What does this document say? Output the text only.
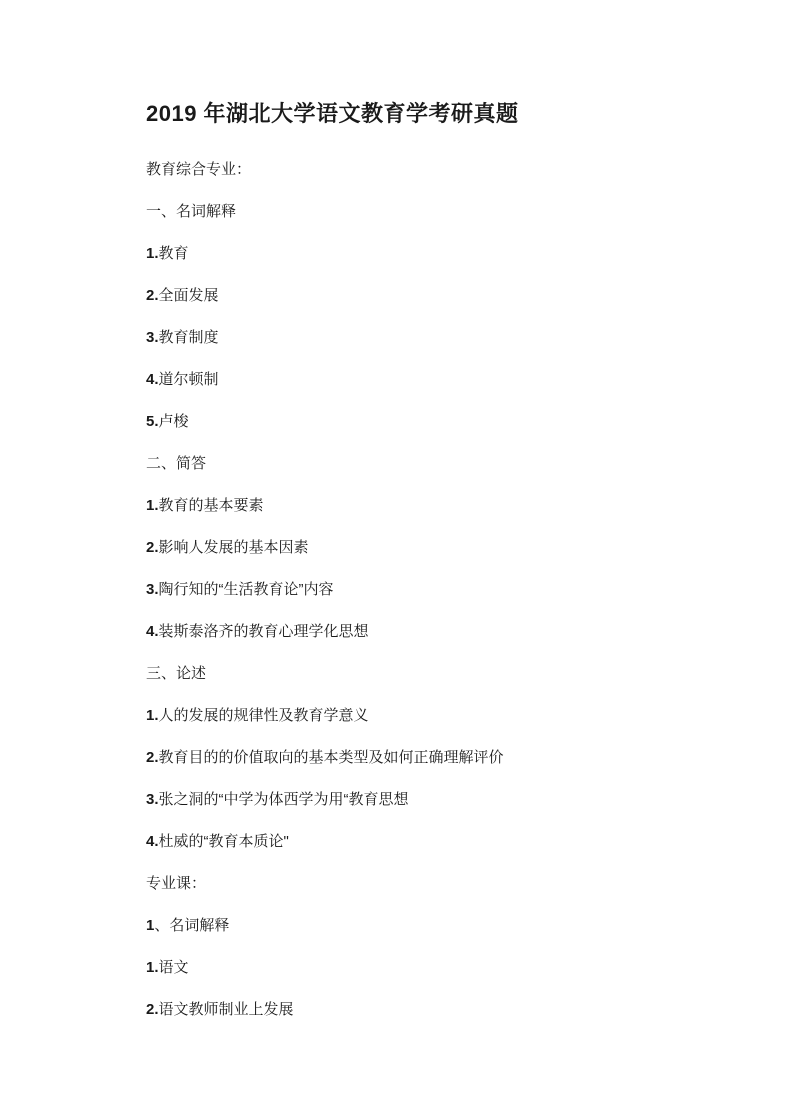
2019 年湖北大学语文教育学考研真题

教育综合专业：

一、名词解释

1.教育

2.全面发展

3.教育制度

4.道尔顿制

5.卢梭

二、简答

1.教育的基本要素

2.影响人发展的基本因素

3.陶行知的“生活教育论”内容

4.装斯泰洛齐的教育心理学化思想

三、论述

1.人的发展的规律性及教育学意义

2.教育目的的价值取向的基本类型及如何正确理解评价

3.张之洞的“中学为体西学为用“教育思想

4.杜威的“教育本质论"

专业课：

1、名词解释

1.语文

2.语文教师制业上发展
